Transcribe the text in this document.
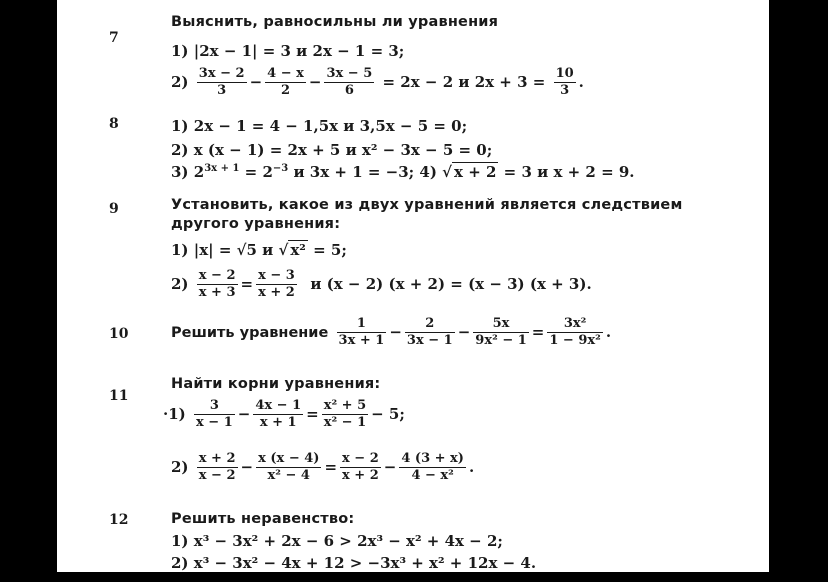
7
Выяснить, равносильны ли уравнения
1) |2x − 1| = 3 и 2x − 1 = 3;
$2) \frac{3x - 2}{3} - \frac{4 - x}{2} - \frac{3x - 5}{6} = 2x - 2$ и $2x + 3 = \frac{10}{3}$ .
8	1) 2x − 1 = 4 − 1,5x и 3,5x − 5 = 0;
2) x (x − 1) = 2x + 5 и x² − 3x − 5 = 0;
3) $2^{3x + 1} = 2^{-3}$ и 3x + 1 = −3; 4) √ x + 2 = 3 и x + 2 = 9.
9	Установить, какое из двух уравнений является следствием
другого уравнения:
1) |x| = √5 и √ x² = 5;
$2) \frac{x - 2}{x + 3} = \frac{x - 3}{x + 2}$ и (x − 2) (x + 2) = (x − 3) (x + 3).
10	Решить уравнение $\frac{1}{3x + 1} - \frac{2}{3x - 1} - \frac{5x}{\text{9x² − 1}} = \frac{\text{3x²}}{\text{1 − 9x²}}$ .
11
Найти корни уравнения:
$\cdot 1) \frac{3}{x - 1} - \frac{4x - 1}{x + 1} = \frac{\text{x² + 5}}{\text{x² − 1}} - 5$;
$2) \frac{x + 2}{x - 2} - \frac{x (x - 4)}{\text{x² − 4}} = \frac{x - 2}{x + 2} - \frac{4 (3 + x)}{\text{4 − x²}}$ .
12	Решить неравенство:
1) x³ − 3x² + 2x − 6 > 2x³ − x² + 4x − 2;
2) x³ − 3x² − 4x + 12 > −3x³ + x² + 12x − 4.
